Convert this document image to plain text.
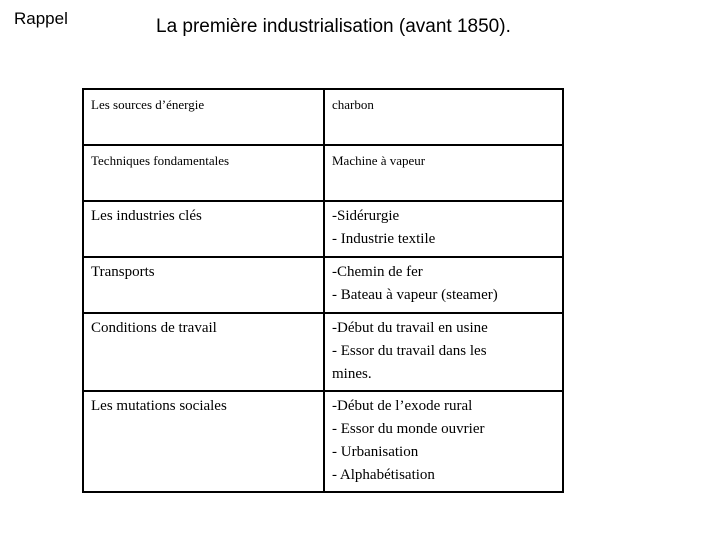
Rappel	La première industrialisation (avant 1850).
Les sources d’énergie	charbon

Techniques fondamentales	Machine à vapeur

Les industries clés	-Sidérurgie
- Industrie textile

Transports	-Chemin de fer
- Bateau à vapeur (steamer)

Conditions de travail	-Début du travail en usine
- Essor du travail dans les
mines.

Les mutations sociales	-Début de l’exode rural
- Essor du monde ouvrier
- Urbanisation
- Alphabétisation
